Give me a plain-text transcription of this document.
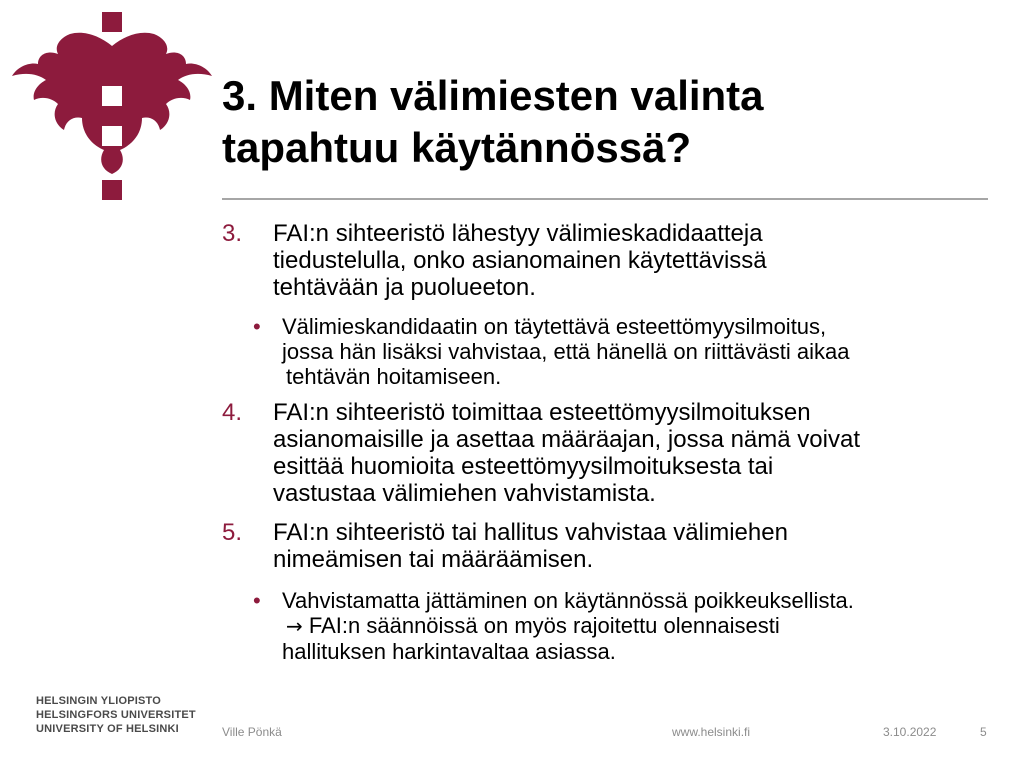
3. Miten välimiesten valinta
tapahtuu käytännössä?
3. FAI:n sihteeristö lähestyy välimieskadidaatteja
tiedustelulla, onko asianomainen käytettävissä
tehtävään ja puolueeton.
• Välimieskandidaatin on täytettävä esteettömyysilmoitus,
jossa hän lisäksi vahvistaa, että hänellä on riittävästi aikaa
tehtävän hoitamiseen.
4. FAI:n sihteeristö toimittaa esteettömyysilmoituksen
asianomaisille ja asettaa määräajan, jossa nämä voivat
esittää huomioita esteettömyysilmoituksesta tai
vastustaa välimiehen vahvistamista.
5. FAI:n sihteeristö tai hallitus vahvistaa välimiehen
nimeämisen tai määräämisen.
• Vahvistamatta jättäminen on käytännössä poikkeuksellista.
→ FAI:n säännöissä on myös rajoitettu olennaisesti
hallituksen harkintavaltaa asiassa.
HELSINGIN YLIOPISTO
HELSINGFORS UNIVERSITET
UNIVERSITY OF HELSINKI	Ville Pönkä	www.helsinki.fi	3.10.2022	5
